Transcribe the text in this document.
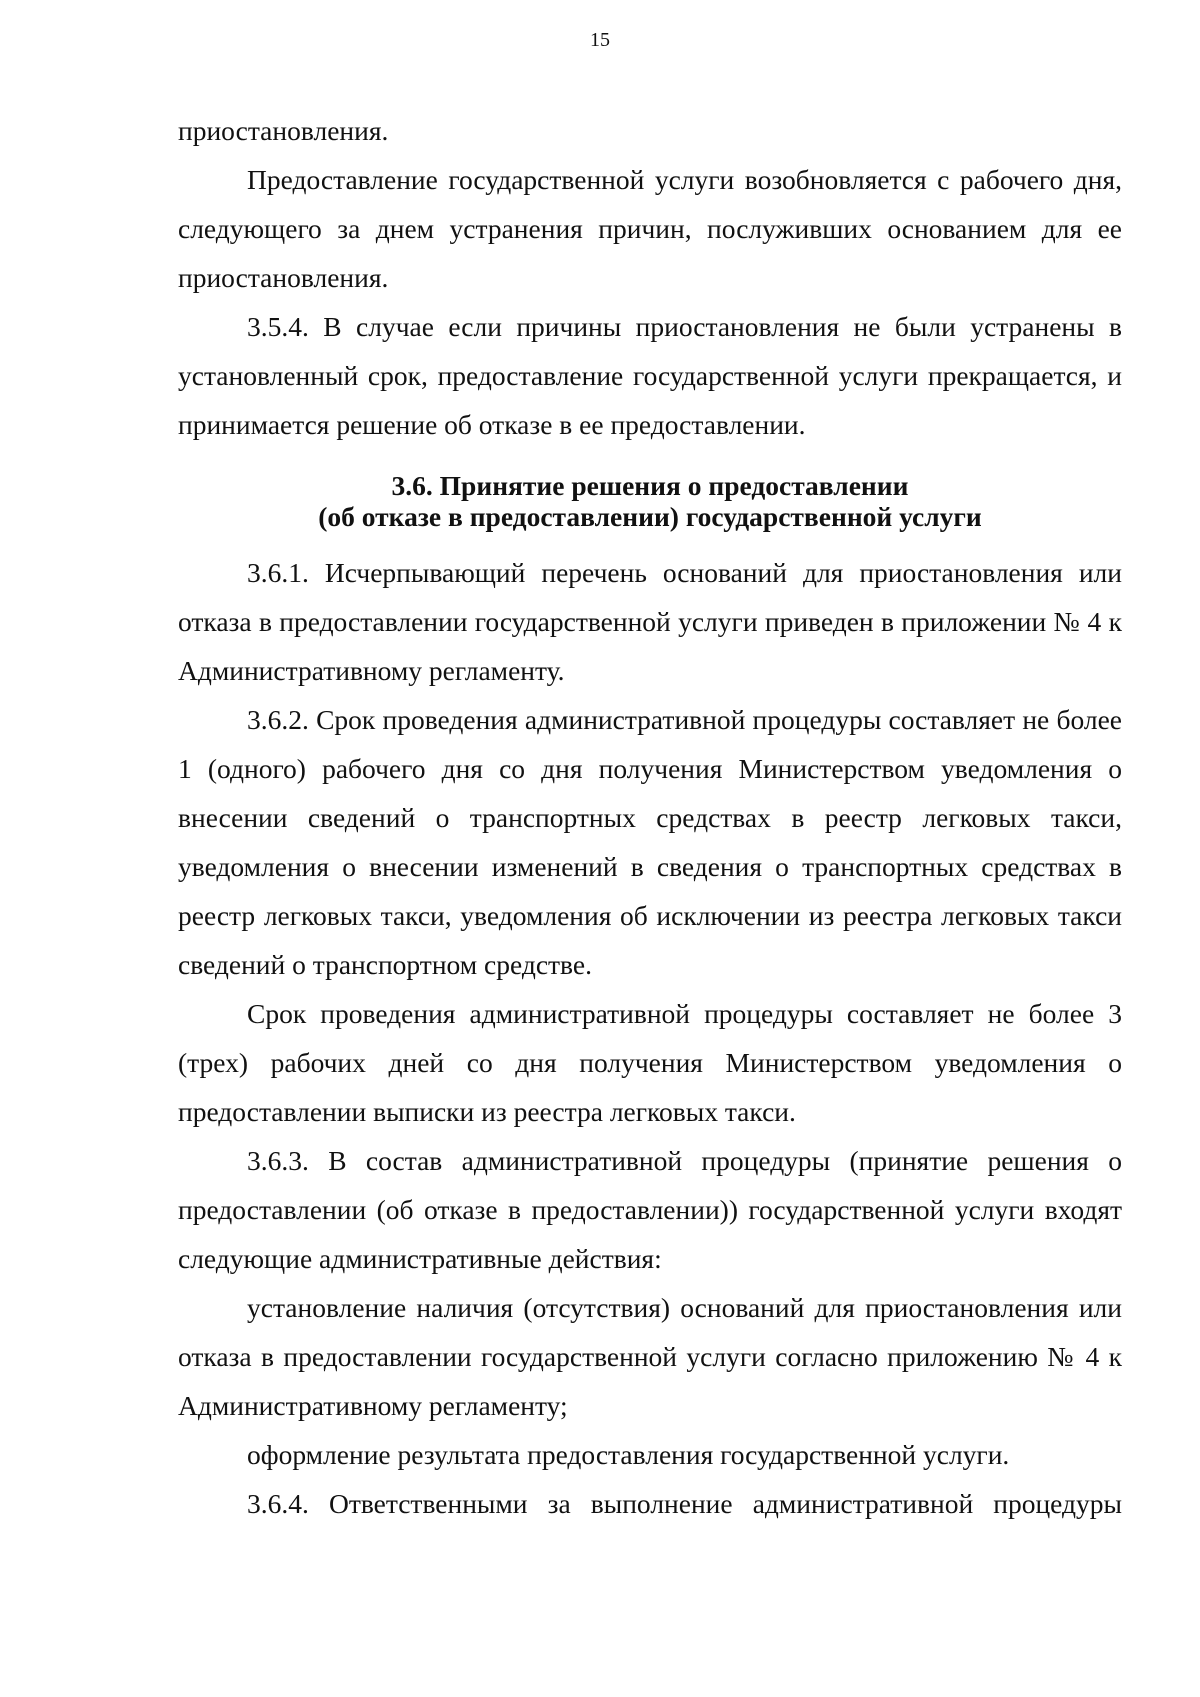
15

приостановления.

Предоставление государственной услуги возобновляется с рабочего дня, следующего за днем устранения причин, послуживших основанием для ее приостановления.

3.5.4. В случае если причины приостановления не были устранены в установленный срок, предоставление государственной услуги прекращается, и принимается решение об отказе в ее предоставлении.

3.6. Принятие решения о предоставлении
(об отказе в предоставлении) государственной услуги

3.6.1. Исчерпывающий перечень оснований для приостановления или отказа в предоставлении государственной услуги приведен в приложении № 4 к Административному регламенту.

3.6.2. Срок проведения административной процедуры составляет не более 1 (одного) рабочего дня со дня получения Министерством уведомления о внесении сведений о транспортных средствах в реестр легковых такси, уведомления о внесении изменений в сведения о транспортных средствах в реестр легковых такси, уведомления об исключении из реестра легковых такси сведений о транспортном средстве.

Срок проведения административной процедуры составляет не более 3 (трех) рабочих дней со дня получения Министерством уведомления о предоставлении выписки из реестра легковых такси.

3.6.3. В состав административной процедуры (принятие решения о предоставлении (об отказе в предоставлении)) государственной услуги входят следующие административные действия:

установление наличия (отсутствия) оснований для приостановления или отказа в предоставлении государственной услуги согласно приложению № 4 к Административному регламенту;

оформление результата предоставления государственной услуги.

3.6.4. Ответственными за выполнение административной процедуры
